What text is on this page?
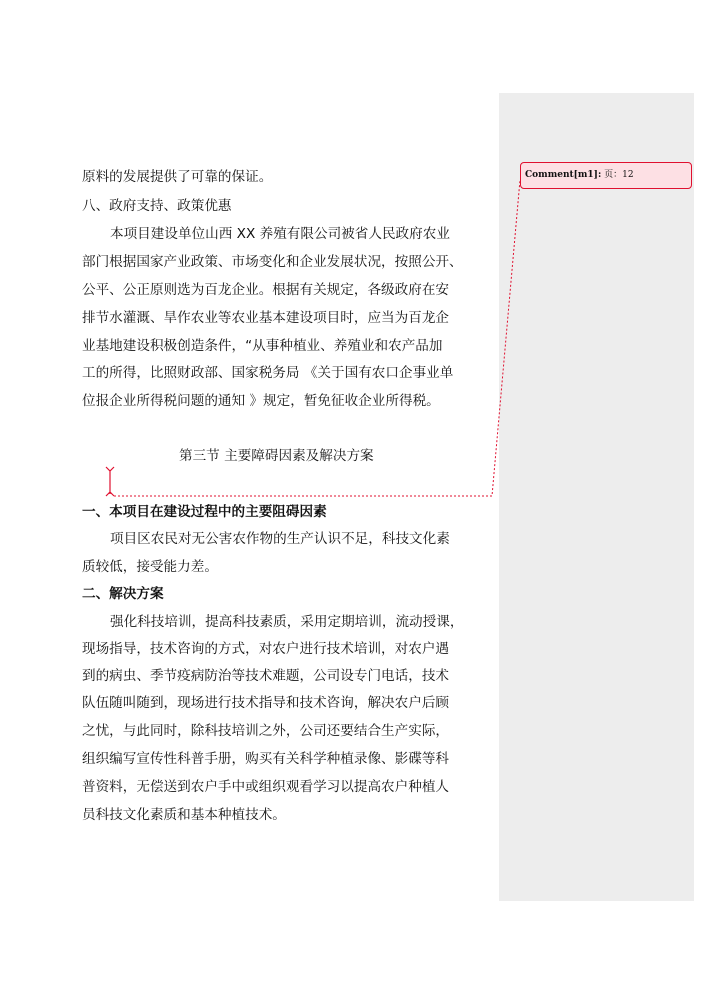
原料的发展提供了可靠的保证。
八、政府支持、政策优惠
本项目建设单位山西 XX 养殖有限公司被省人民政府农业
部门根据国家产业政策、市场变化和企业发展状况，按照公开、
公平、公正原则选为百龙企业。根据有关规定，各级政府在安
排节水灌溉、旱作农业等农业基本建设项目时，应当为百龙企
业基地建设积极创造条件，“从事种植业、养殖业和农产品加
工的所得，比照财政部、国家税务局 《关于国有农口企事业单
位报企业所得税问题的通知 》规定，暂免征收企业所得税。
第三节 主要障碍因素及解决方案
一、本项目在建设过程中的主要阻碍因素
项目区农民对无公害农作物的生产认识不足，科技文化素
质较低，接受能力差。
二、解决方案
强化科技培训，提高科技素质，采用定期培训，流动授课，
现场指导，技术咨询的方式，对农户进行技术培训，对农户遇
到的病虫、季节疫病防治等技术难题，公司设专门电话，技术
队伍随叫随到，现场进行技术指导和技术咨询，解决农户后顾
之忧，与此同时，除科技培训之外，公司还要结合生产实际，
组织编写宣传性科普手册，购买有关科学种植录像、影碟等科
普资料，无偿送到农户手中或组织观看学习以提高农户种植人
员科技文化素质和基本种植技术。
Comment[m1]: 页：12
